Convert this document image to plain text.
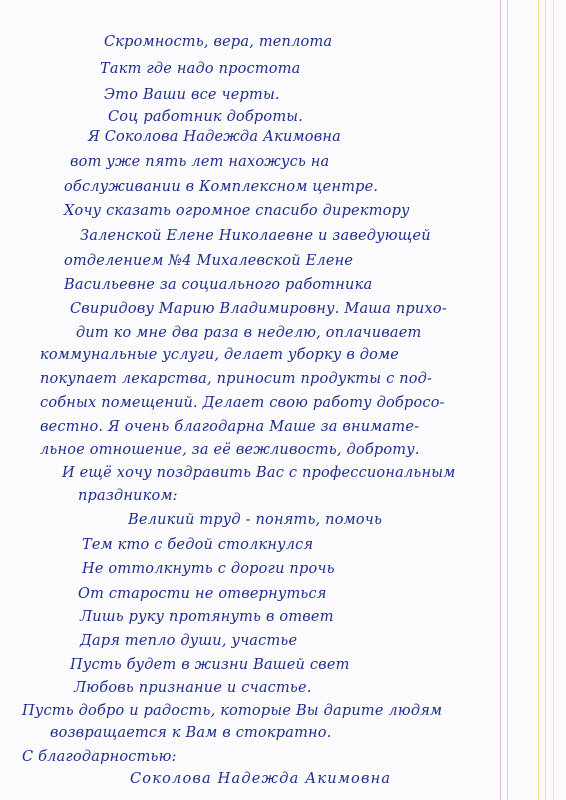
Скромность, вера, теплота
Такт где надо простота
Это Ваши все черты.
Соц работник доброты.
Я Соколова Надежда Акимовна
вот уже пять лет нахожусь на
обслуживании в Комплексном центре.
Хочу сказать огромное спасибо директору
Заленской Елене Николаевне и заведующей
отделением №4 Михалевской Елене
Васильевне за социального работника
Свиридову Марию Владимировну. Маша прихо-
дит ко мне два раза в неделю, оплачивает
коммунальные услуги, делает уборку в доме
покупает лекарства, приносит продукты с под-
собных помещений. Делает свою работу добросо-
вестно. Я очень благодарна Маше за внимате-
льное отношение, за её вежливость, доброту.
И ещё хочу поздравить Вас с профессиональным
праздником:
Великий труд - понять, помочь
Тем кто с бедой столкнулся
Не оттолкнуть с дороги прочь
От старости не отвернуться
Лишь руку протянуть в ответ
Даря тепло души, участье
Пусть будет в жизни Вашей свет
Любовь признание и счастье.
Пусть добро и радость, которые Вы дарите людям
возвращается к Вам в стократно.
С благодарностью:
Соколова Надежда Акимовна
